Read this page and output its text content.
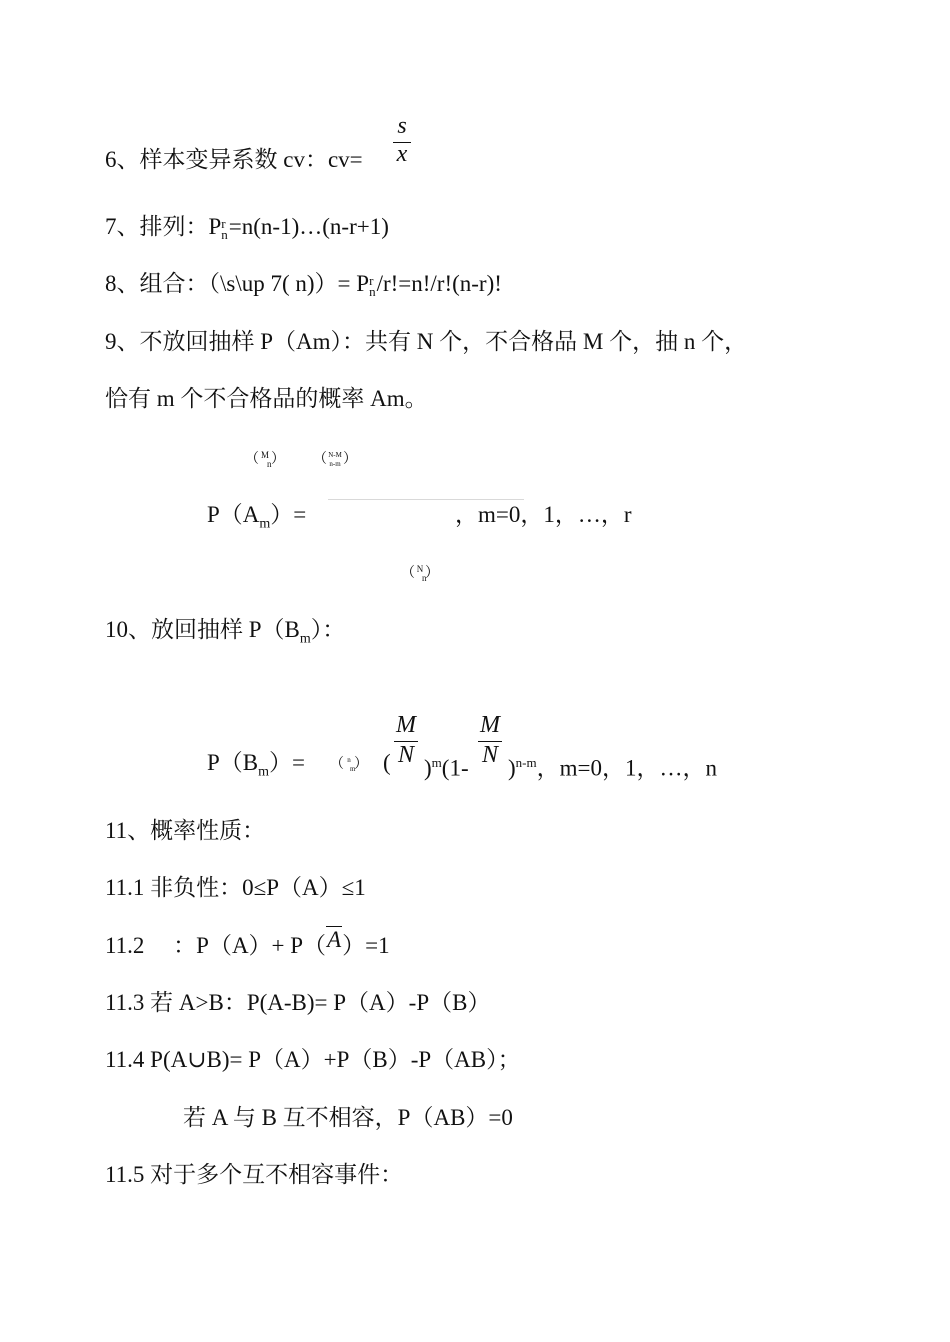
6、样本变异系数 cv：cv=
s
x
7、排列：P r
n =n(n-1)…(n-r+1)
8、组合：（\s\up 7( n)）= P r
n /r!=n!/r!(n-r)!
9、不放回抽样 P（Am）：共有 N 个，不合格品 M 个，抽 n 个，
恰有 m 个不合格品的概率 Am。
（ M
n ） （ N-M
n-m ）
$P(A_m)=$	，m=0，1，…，r
（ N
n
）
10、放回抽样 $P(B_m)$：
$P(B_m)=$ （ n
m
） (
M
N
)$^m$(1-
M
N
)$^{n-m}$，m=0，1，…，n
11、概率性质：
11.1 非负性：0≤P（A）≤1
11.2　 ：P（A）+ P（A）=1
11.3 若 A>B：P(A-B)= P（A）-P（B）
11.4 P(A∪B)= P（A）+P（B）-P（AB）；
若 A 与 B 互不相容，P（AB）=0
11.5 对于多个互不相容事件：
